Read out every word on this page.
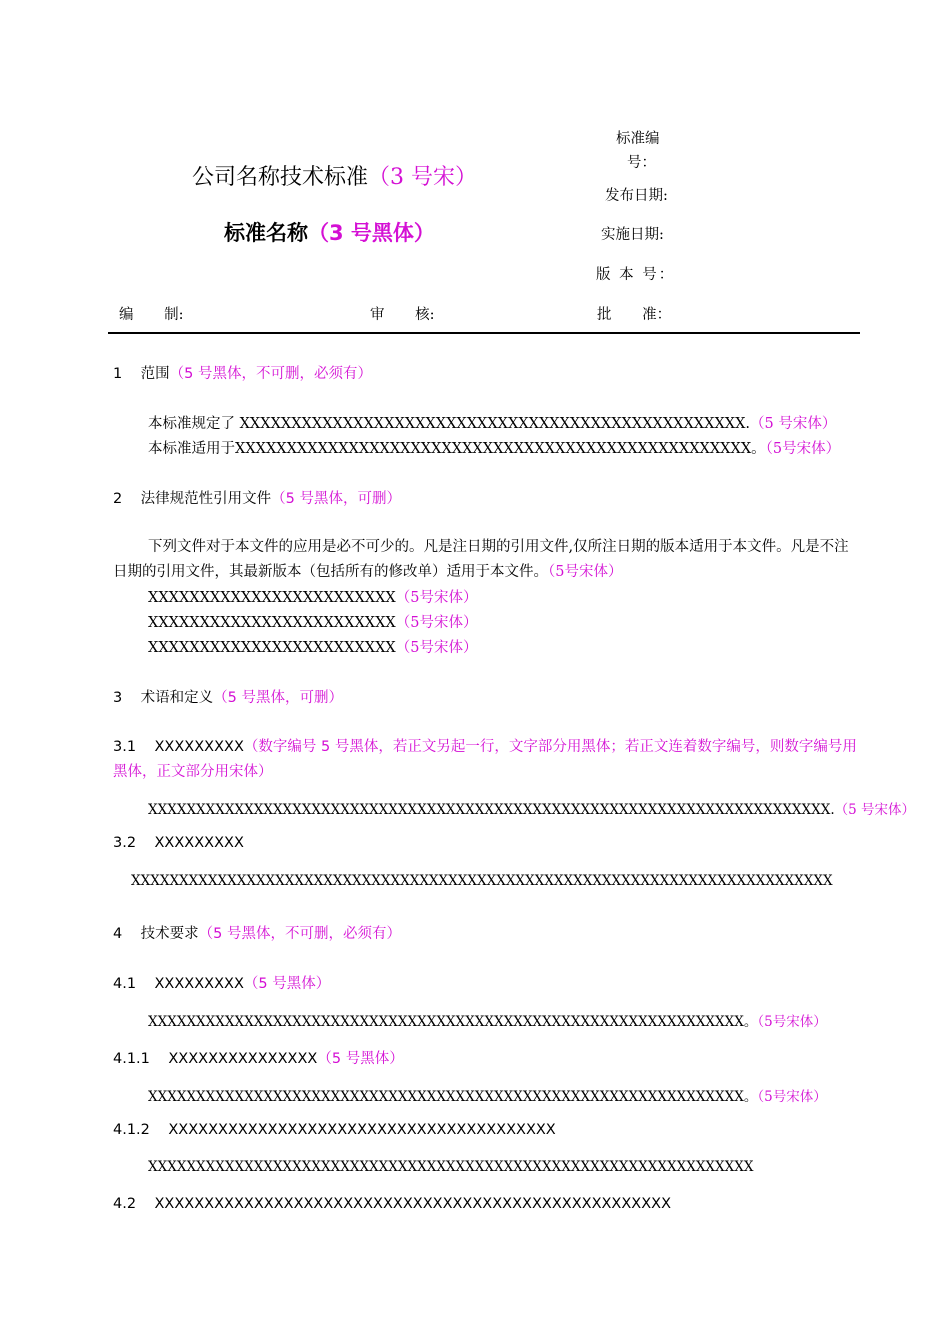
公司名称技术标准（3 号宋）
标准名称（3 号黑体）
标准编
号：
发布日期:
实施日期:
版 本 号：
编 制:	审 核:	批 准：
1 范围（5 号黑体，不可删，必须有）
本标准规定了 XXXXXXXXXXXXXXXXXXXXXXXXXXXXXXXXXXXXXXXXXXXXXXXXX.（5 号宋体）
本标准适用于XXXXXXXXXXXXXXXXXXXXXXXXXXXXXXXXXXXXXXXXXXXXXXXXXX。（5号宋体）
2 法律规范性引用文件（5 号黑体，可删）
下列文件对于本文件的应用是必不可少的。凡是注日期的引用文件,仅所注日期的版本适用于本文件。凡是不注日期的引用文件，其最新版本（包括所有的修改单）适用于本文件。（5号宋体）
XXXXXXXXXXXXXXXXXXXXXXXX（5号宋体）
XXXXXXXXXXXXXXXXXXXXXXXX（5号宋体）
XXXXXXXXXXXXXXXXXXXXXXXX（5号宋体）
3 术语和定义（5 号黑体，可删）
3.1 XXXXXXXXX（数字编号 5 号黑体，若正文另起一行，文字部分用黑体；若正文连着数字编号，则数字编号用黑体，正文部分用宋体）
XXXXXXXXXXXXXXXXXXXXXXXXXXXXXXXXXXXXXXXXXXXXXXXXXXXXXXXXXXXXXXXXXXXXXXX.（5 号宋体）
3.2 XXXXXXXXX
XXXXXXXXXXXXXXXXXXXXXXXXXXXXXXXXXXXXXXXXXXXXXXXXXXXXXXXXXXXXXXXXXXXXXXXXX
4 技术要求（5 号黑体，不可删，必须有）
4.1 XXXXXXXXX（5 号黑体）
XXXXXXXXXXXXXXXXXXXXXXXXXXXXXXXXXXXXXXXXXXXXXXXXXXXXXXXXXXXXXX。（5号宋体）
4.1.1 XXXXXXXXXXXXXXX（5 号黑体）
XXXXXXXXXXXXXXXXXXXXXXXXXXXXXXXXXXXXXXXXXXXXXXXXXXXXXXXXXXXXXX。（5号宋体）
4.1.2 XXXXXXXXXXXXXXXXXXXXXXXXXXXXXXXXXXXXXXX
XXXXXXXXXXXXXXXXXXXXXXXXXXXXXXXXXXXXXXXXXXXXXXXXXXXXXXXXXXXXXXX
4.2 XXXXXXXXXXXXXXXXXXXXXXXXXXXXXXXXXXXXXXXXXXXXXXXXXXXX
